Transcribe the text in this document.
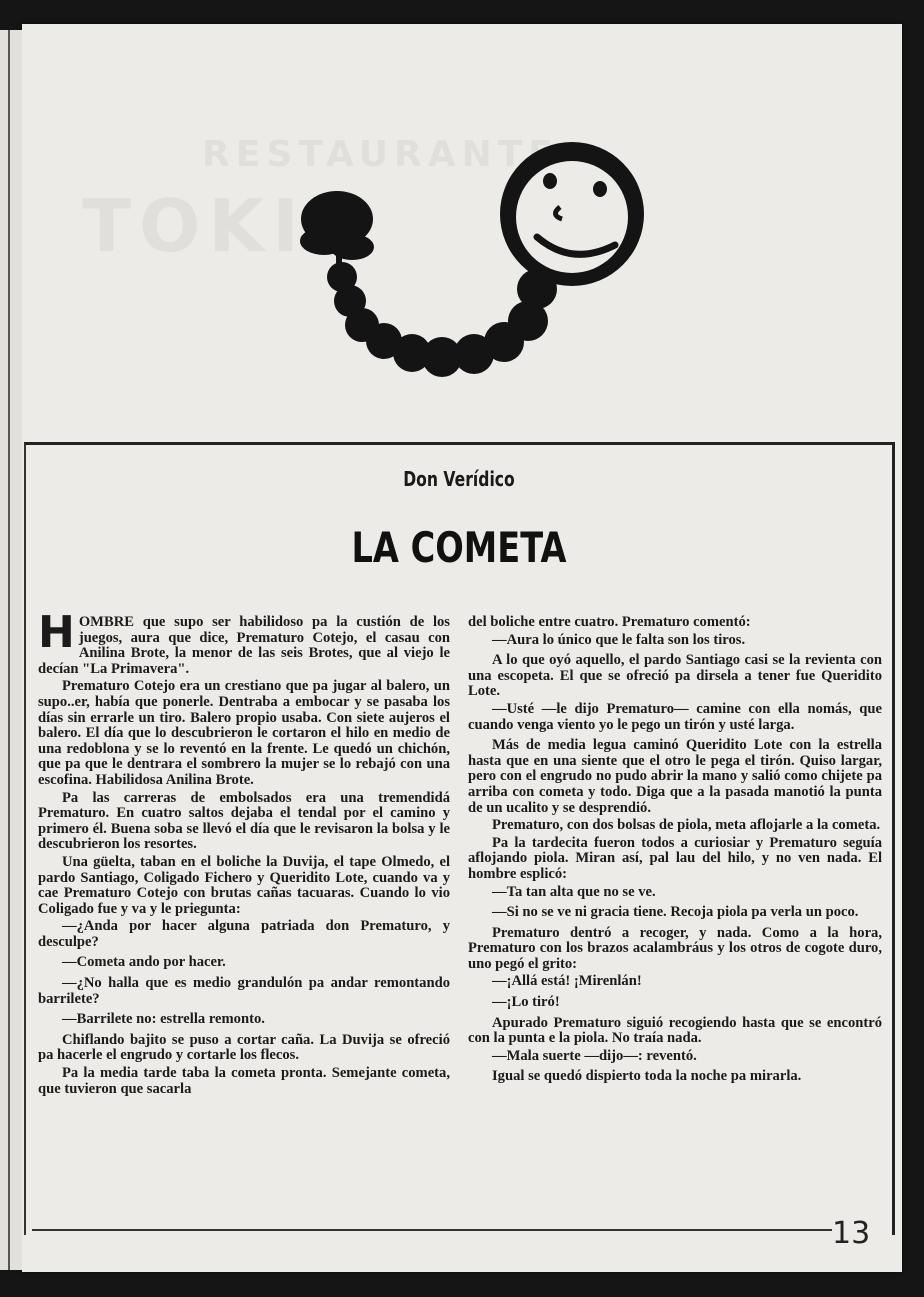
RESTAURANTE
TOKI
Don Verídico
LA COMETA

HOMBRE que supo ser habilidoso pa la custión de los juegos, aura que dice, Prematuro Cotejo, el casau con Anilina Brote, la menor de las seis Brotes, que al viejo le decían "La Primavera".

Prematuro Cotejo era un crestiano que pa jugar al balero, un supo..er, había que ponerle. Dentraba a embocar y se pasaba los días sin errarle un tiro. Balero propio usaba. Con siete aujeros el balero. El día que lo descubrieron le cortaron el hilo en medio de una redoblona y se lo reventó en la frente. Le quedó un chichón, que pa que le dentrara el sombrero la mujer se lo rebajó con una escofina. Habilidosa Anilina Brote.

Pa las carreras de embolsados era una tremendidá Prematuro. En cuatro saltos dejaba el tendal por el camino y primero él. Buena soba se llevó el día que le revisaron la bolsa y le descubrieron los resortes.

Una güelta, taban en el boliche la Duvija, el tape Olmedo, el pardo Santiago, Coligado Fichero y Queridito Lote, cuando va y cae Prematuro Cotejo con brutas cañas tacuaras. Cuando lo vio Coligado fue y va y le priegunta:

—¿Anda por hacer alguna patriada don Prematuro, y desculpe?

—Cometa ando por hacer.

—¿No halla que es medio grandulón pa andar remontando barrilete?

—Barrilete no: estrella remonto.

Chiflando bajito se puso a cortar caña. La Duvija se ofreció pa hacerle el engrudo y cortarle los flecos.

Pa la media tarde taba la cometa pronta. Semejante cometa, que tuvieron que sacarla

del boliche entre cuatro. Prematuro comentó:

—Aura lo único que le falta son los tiros.

A lo que oyó aquello, el pardo Santiago casi se la revienta con una escopeta. El que se ofreció pa dirsela a tener fue Queridito Lote.

—Usté —le dijo Prematuro— camine con ella nomás, que cuando venga viento yo le pego un tirón y usté larga.

Más de media legua caminó Queridito Lote con la estrella hasta que en una siente que el otro le pega el tirón. Quiso largar, pero con el engrudo no pudo abrir la mano y salió como chijete pa arriba con cometa y todo. Diga que a la pasada manotió la punta de un ucalito y se desprendió.

Prematuro, con dos bolsas de piola, meta aflojarle a la cometa.

Pa la tardecita fueron todos a curiosiar y Prematuro seguía aflojando piola. Miran así, pal lau del hilo, y no ven nada. El hombre esplicó:

—Ta tan alta que no se ve.

—Si no se ve ni gracia tiene. Recoja piola pa verla un poco.

Prematuro dentró a recoger, y nada. Como a la hora, Prematuro con los brazos acalambráus y los otros de cogote duro, uno pegó el grito:

—¡Allá está! ¡Mirenlán!

—¡Lo tiró!

Apurado Prematuro siguió recogiendo hasta que se encontró con la punta e la piola. No traía nada.

—Mala suerte —dijo—: reventó.

Igual se quedó dispierto toda la noche pa mirarla.

13
